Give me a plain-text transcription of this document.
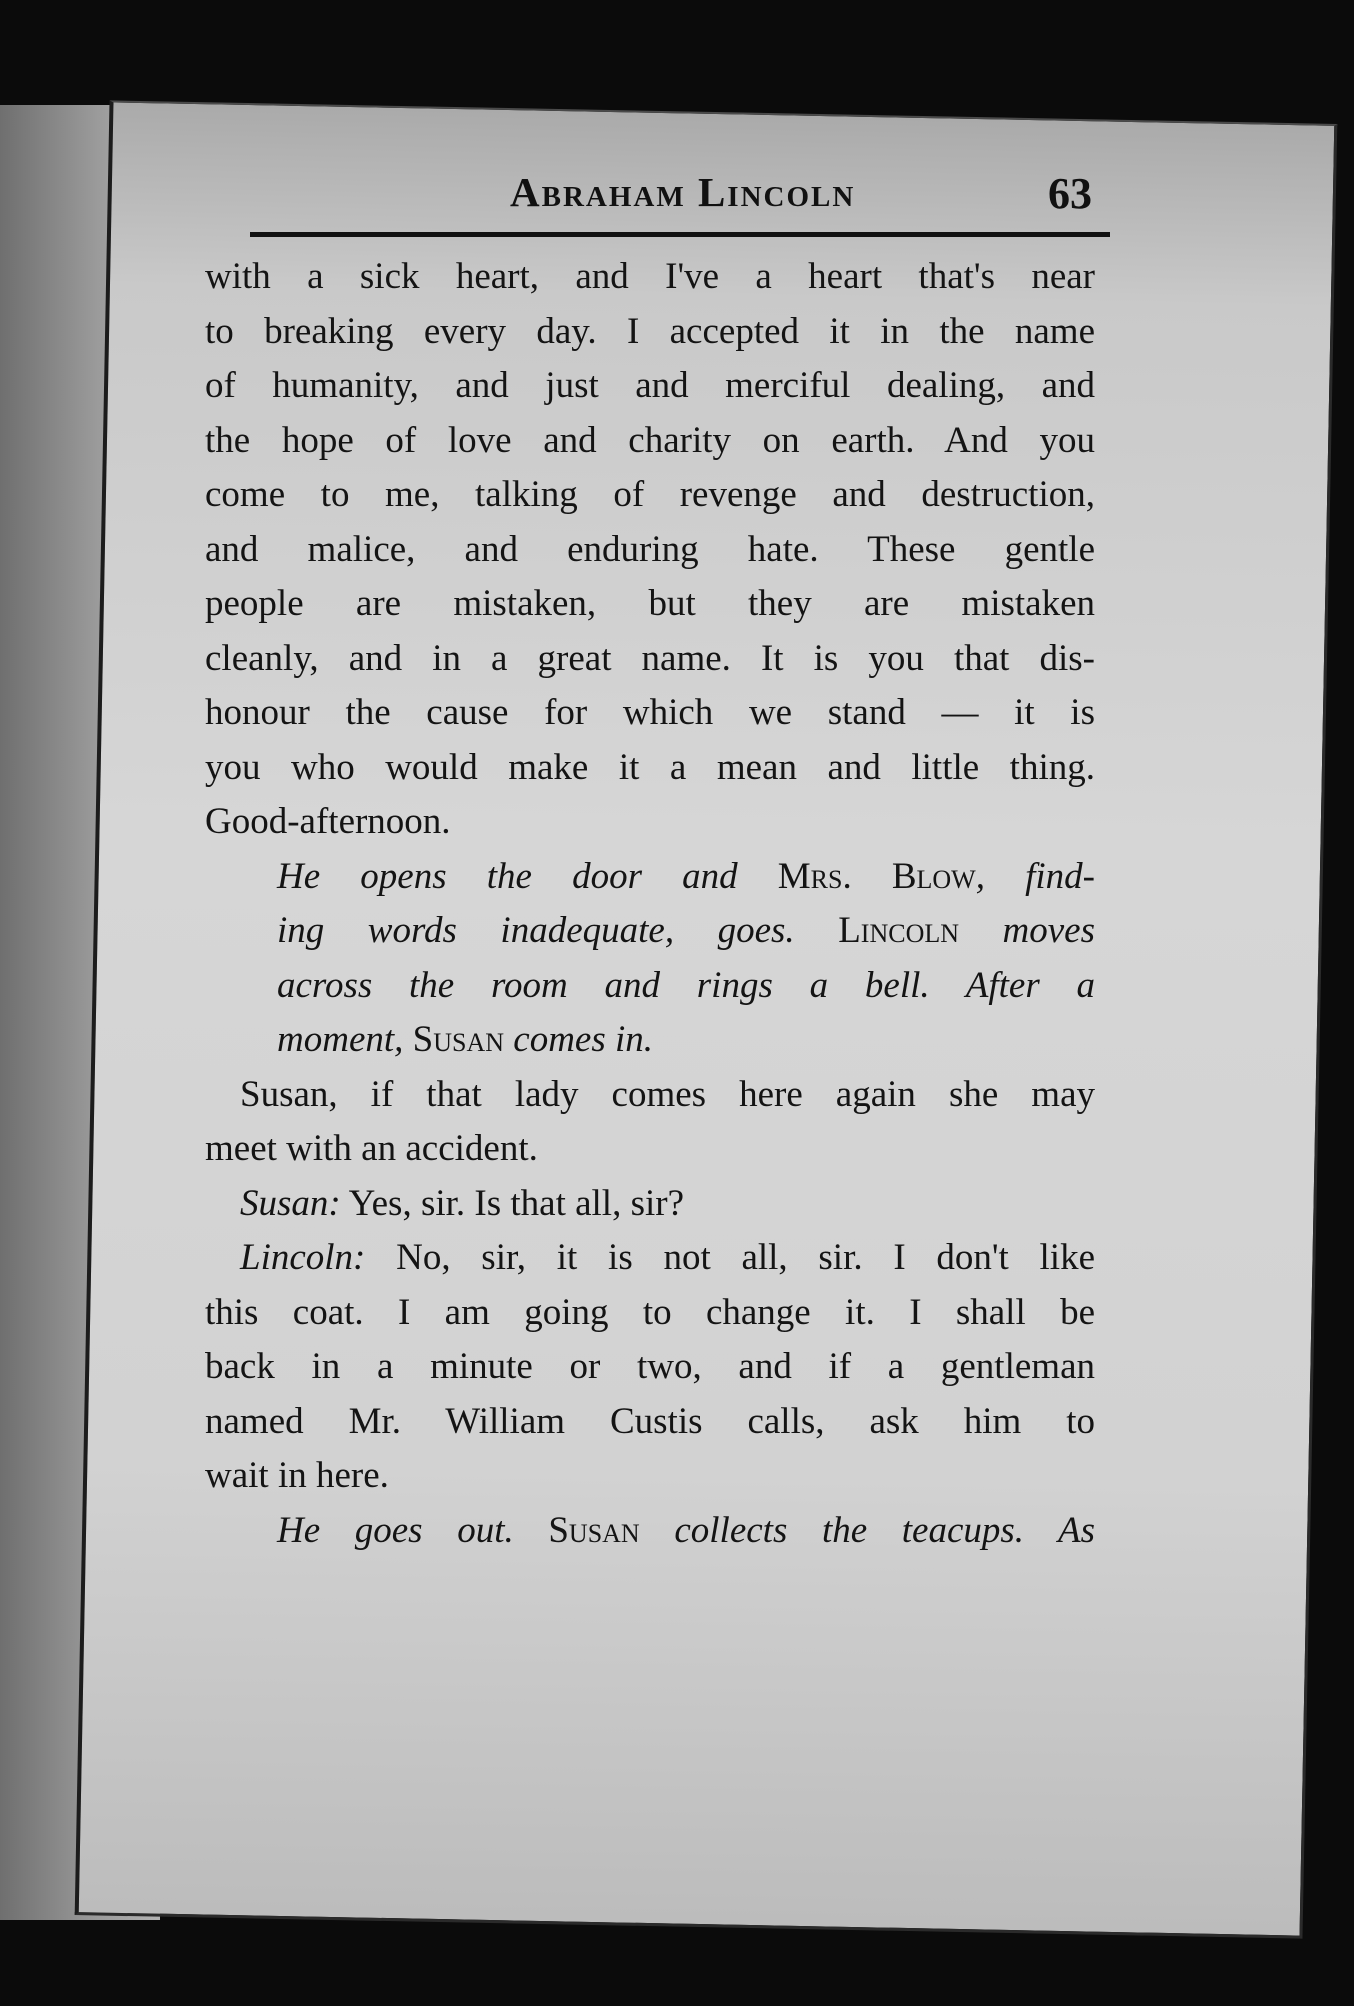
Abraham Lincoln	63
with a sick heart, and I've a heart that's near
to breaking every day. I accepted it in the name
of humanity, and just and merciful dealing, and
the hope of love and charity on earth. And you
come to me, talking of revenge and destruction,
and malice, and enduring hate. These gentle
people are mistaken, but they are mistaken
cleanly, and in a great name. It is you that dis-
honour the cause for which we stand — it is
you who would make it a mean and little thing.
Good-afternoon.
He opens the door and Mrs. Blow, find-
ing words inadequate, goes. Lincoln moves
across the room and rings a bell. After a
moment, Susan comes in.
Susan, if that lady comes here again she may
meet with an accident.
Susan: Yes, sir. Is that all, sir?
Lincoln: No, sir, it is not all, sir. I don't like
this coat. I am going to change it. I shall be
back in a minute or two, and if a gentleman
named Mr. William Custis calls, ask him to
wait in here.
He goes out. Susan collects the teacups. As
